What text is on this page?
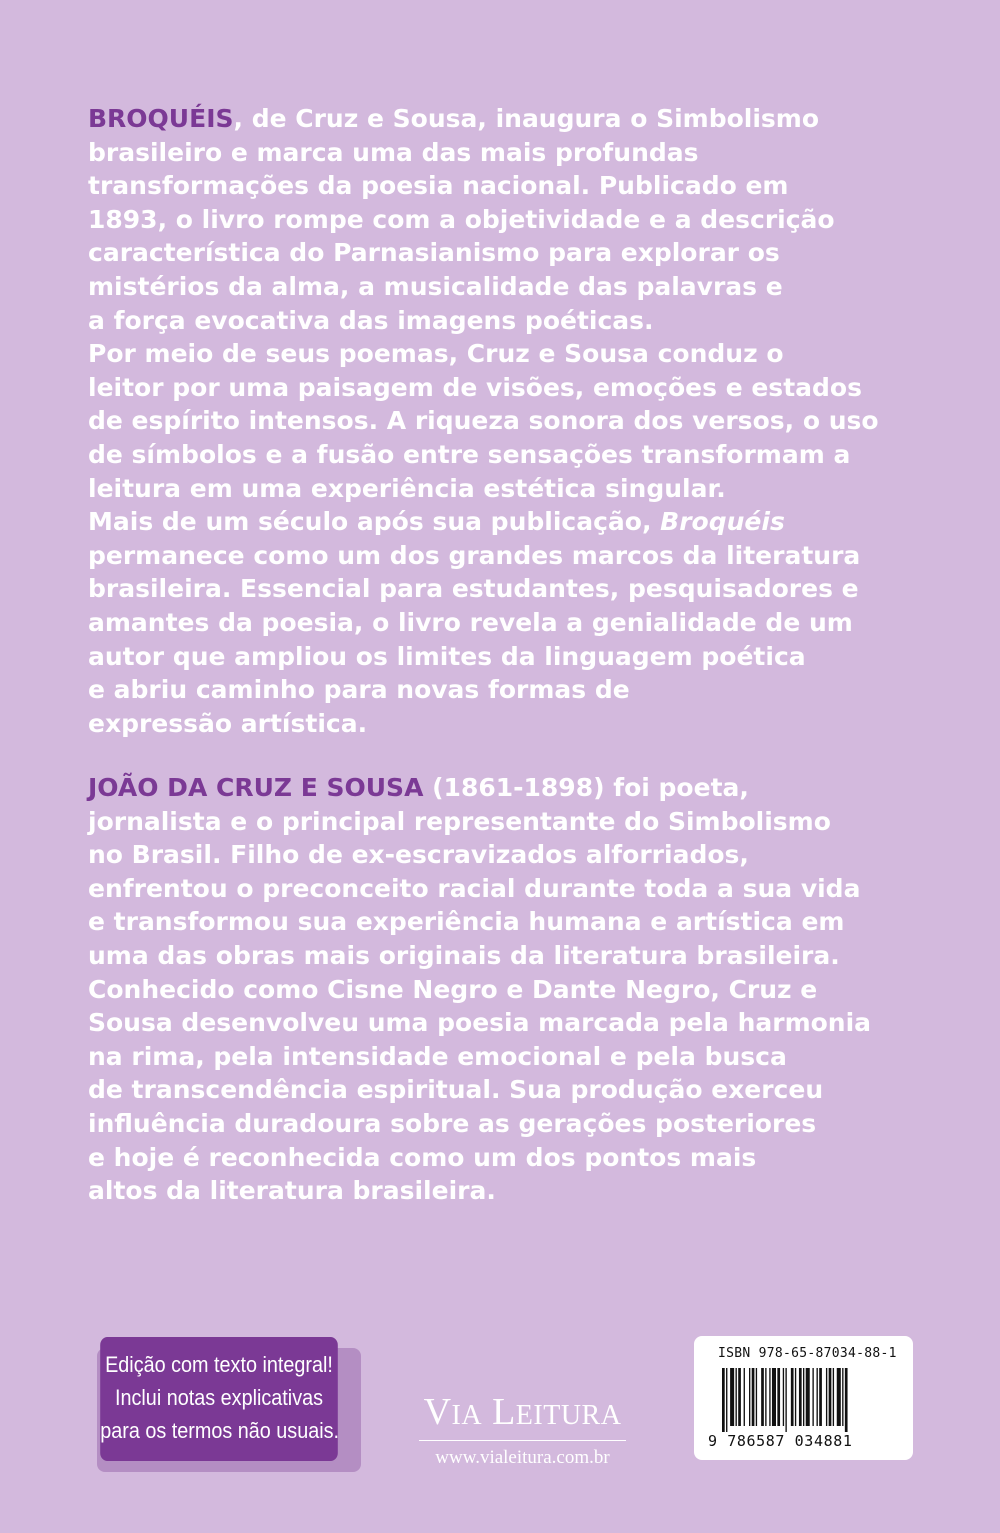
BROQUÉIS, de Cruz e Sousa, inaugura o Simbolismo
brasileiro e marca uma das mais profundas
transformações da poesia nacional. Publicado em
1893, o livro rompe com a objetividade e a descrição
característica do Parnasianismo para explorar os
mistérios da alma, a musicalidade das palavras e
a força evocativa das imagens poéticas.
Por meio de seus poemas, Cruz e Sousa conduz o
leitor por uma paisagem de visões, emoções e estados
de espírito intensos. A riqueza sonora dos versos, o uso
de símbolos e a fusão entre sensações transformam a
leitura em uma experiência estética singular.
Mais de um século após sua publicação, Broquéis
permanece como um dos grandes marcos da literatura
brasileira. Essencial para estudantes, pesquisadores e
amantes da poesia, o livro revela a genialidade de um
autor que ampliou os limites da linguagem poética
e abriu caminho para novas formas de
expressão artística.
JOÃO DA CRUZ E SOUSA (1861-1898) foi poeta,
jornalista e o principal representante do Simbolismo
no Brasil. Filho de ex-escravizados alforriados,
enfrentou o preconceito racial durante toda a sua vida
e transformou sua experiência humana e artística em
uma das obras mais originais da literatura brasileira.
Conhecido como Cisne Negro e Dante Negro, Cruz e
Sousa desenvolveu uma poesia marcada pela harmonia
na rima, pela intensidade emocional e pela busca
de transcendência espiritual. Sua produção exerceu
influência duradoura sobre as gerações posteriores
e hoje é reconhecida como um dos pontos mais
altos da literatura brasileira.
Edição com texto integral!
Inclui notas explicativas
para os termos não usuais.	VIA LEITURA
www.vialeitura.com.br
ISBN 978-65-87034-88-1
9 786587 034881
